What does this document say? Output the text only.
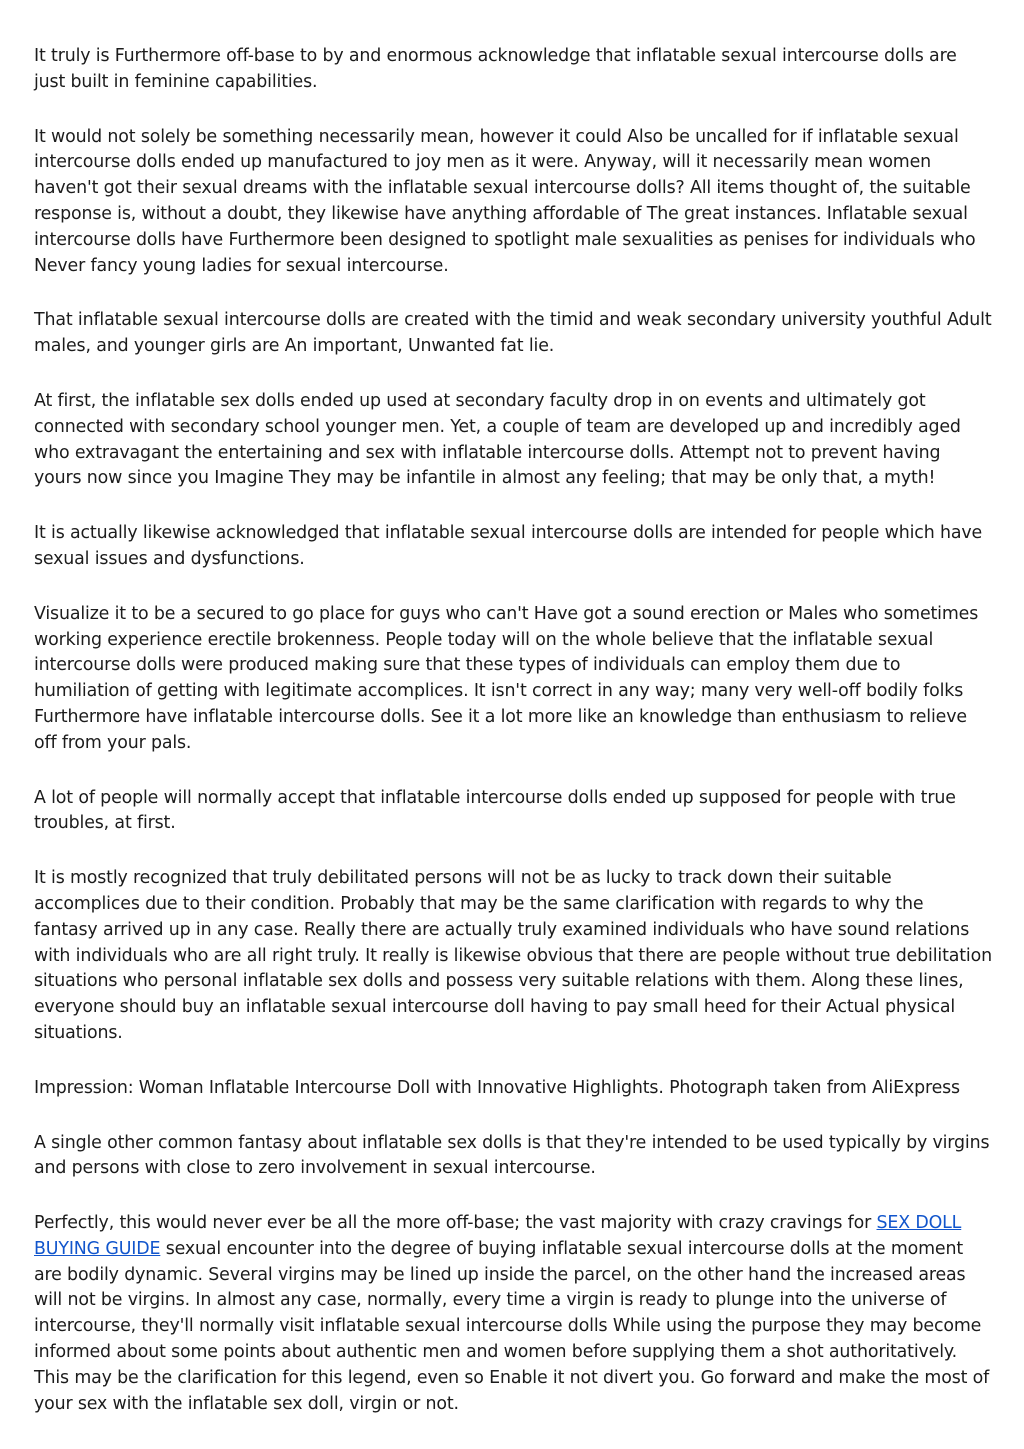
It truly is Furthermore off-base to by and enormous acknowledge that inflatable sexual intercourse dolls are just built in feminine capabilities.

It would not solely be something necessarily mean, however it could Also be uncalled for if inflatable sexual intercourse dolls ended up manufactured to joy men as it were. Anyway, will it necessarily mean women haven't got their sexual dreams with the inflatable sexual intercourse dolls? All items thought of, the suitable response is, without a doubt, they likewise have anything affordable of The great instances. Inflatable sexual intercourse dolls have Furthermore been designed to spotlight male sexualities as penises for individuals who Never fancy young ladies for sexual intercourse.

That inflatable sexual intercourse dolls are created with the timid and weak secondary university youthful Adult males, and younger girls are An important, Unwanted fat lie.

At first, the inflatable sex dolls ended up used at secondary faculty drop in on events and ultimately got connected with secondary school younger men. Yet, a couple of team are developed up and incredibly aged who extravagant the entertaining and sex with inflatable intercourse dolls. Attempt not to prevent having yours now since you Imagine They may be infantile in almost any feeling; that may be only that, a myth!

It is actually likewise acknowledged that inflatable sexual intercourse dolls are intended for people which have sexual issues and dysfunctions.

Visualize it to be a secured to go place for guys who can't Have got a sound erection or Males who sometimes working experience erectile brokenness. People today will on the whole believe that the inflatable sexual intercourse dolls were produced making sure that these types of individuals can employ them due to humiliation of getting with legitimate accomplices. It isn't correct in any way; many very well-off bodily folks Furthermore have inflatable intercourse dolls. See it a lot more like an knowledge than enthusiasm to relieve off from your pals.

A lot of people will normally accept that inflatable intercourse dolls ended up supposed for people with true troubles, at first.

It is mostly recognized that truly debilitated persons will not be as lucky to track down their suitable accomplices due to their condition. Probably that may be the same clarification with regards to why the fantasy arrived up in any case. Really there are actually truly examined individuals who have sound relations with individuals who are all right truly. It really is likewise obvious that there are people without true debilitation situations who personal inflatable sex dolls and possess very suitable relations with them. Along these lines, everyone should buy an inflatable sexual intercourse doll having to pay small heed for their Actual physical situations.

Impression: Woman Inflatable Intercourse Doll with Innovative Highlights. Photograph taken from AliExpress

A single other common fantasy about inflatable sex dolls is that they're intended to be used typically by virgins and persons with close to zero involvement in sexual intercourse.

Perfectly, this would never ever be all the more off-base; the vast majority with crazy cravings for SEX DOLL BUYING GUIDE sexual encounter into the degree of buying inflatable sexual intercourse dolls at the moment are bodily dynamic. Several virgins may be lined up inside the parcel, on the other hand the increased areas will not be virgins. In almost any case, normally, every time a virgin is ready to plunge into the universe of intercourse, they'll normally visit inflatable sexual intercourse dolls While using the purpose they may become informed about some points about authentic men and women before supplying them a shot authoritatively. This may be the clarification for this legend, even so Enable it not divert you. Go forward and make the most of your sex with the inflatable sex doll, virgin or not.
